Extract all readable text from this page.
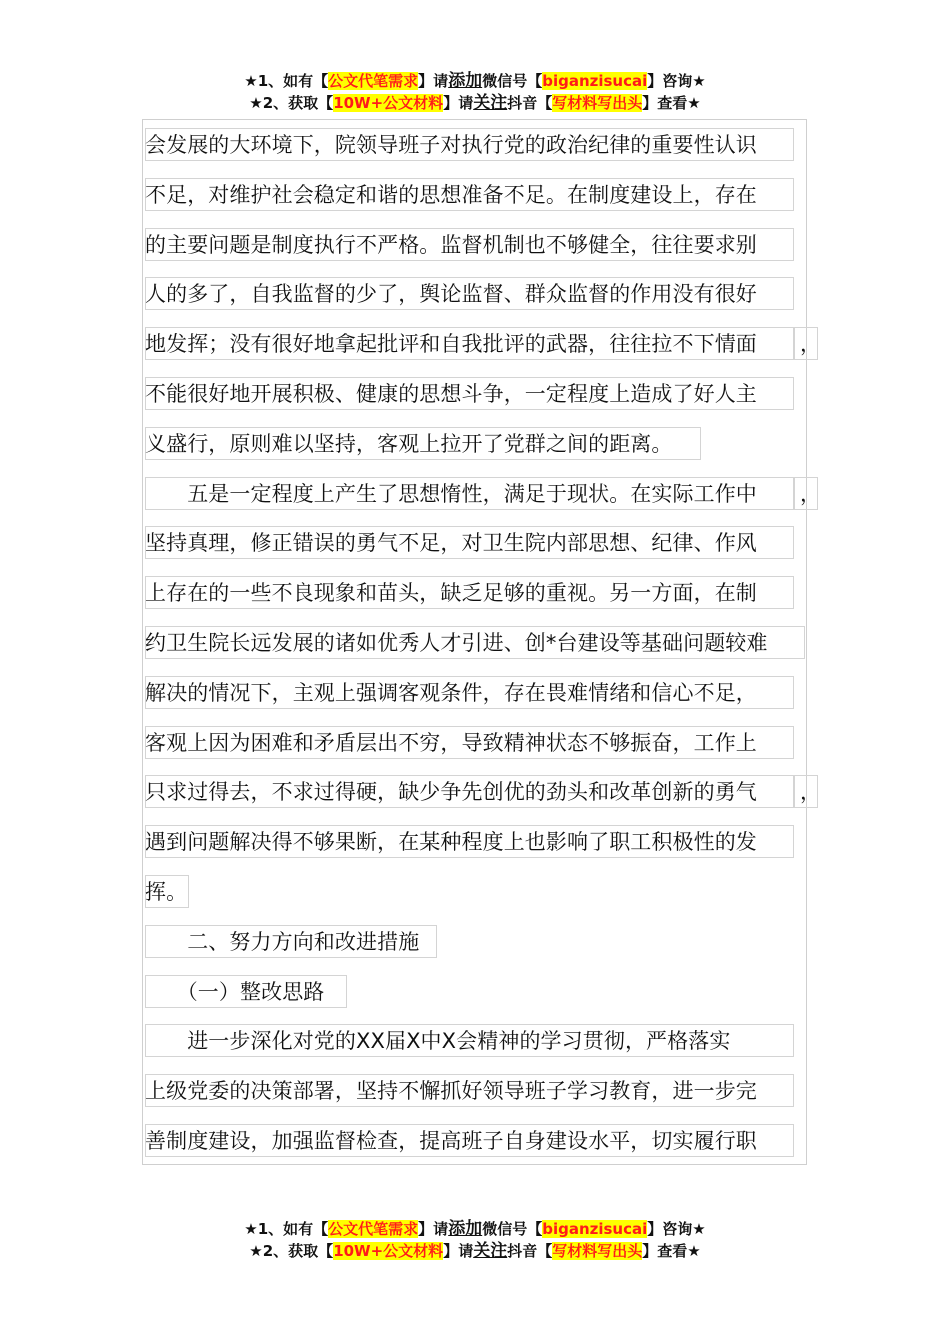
★1、如有【公文代笔需求】请添加微信号【biganzisucai】咨询★
★2、获取【10W+公文材料】请关注抖音【写材料写出头】查看★
会发展的大环境下，院领导班子对执行党的政治纪律的重要性认识
不足，对维护社会稳定和谐的思想准备不足。在制度建设上，存在
的主要问题是制度执行不严格。监督机制也不够健全，往往要求别
人的多了，自我监督的少了，舆论监督、群众监督的作用没有很好
地发挥；没有很好地拿起批评和自我批评的武器，往往拉不下情面 ，
不能很好地开展积极、健康的思想斗争，一定程度上造成了好人主
义盛行，原则难以坚持，客观上拉开了党群之间的距离。
　　五是一定程度上产生了思想惰性，满足于现状。在实际工作中 ，
坚持真理，修正错误的勇气不足，对卫生院内部思想、纪律、作风
上存在的一些不良现象和苗头，缺乏足够的重视。另一方面，在制
约卫生院长远发展的诸如优秀人才引进、创*台建设等基础问题较难
解决的情况下，主观上强调客观条件，存在畏难情绪和信心不足，
客观上因为困难和矛盾层出不穷，导致精神状态不够振奋，工作上
只求过得去，不求过得硬，缺少争先创优的劲头和改革创新的勇气 ，
遇到问题解决得不够果断，在某种程度上也影响了职工积极性的发
挥。
　　二、努力方向和改进措施
　　（一）整改思路
　　进一步深化对党的XX届X中X会精神的学习贯彻，严格落实
上级党委的决策部署，坚持不懈抓好领导班子学习教育，进一步完
善制度建设，加强监督检查，提高班子自身建设水平，切实履行职
★1、如有【公文代笔需求】请添加微信号【biganzisucai】咨询★
★2、获取【10W+公文材料】请关注抖音【写材料写出头】查看★
